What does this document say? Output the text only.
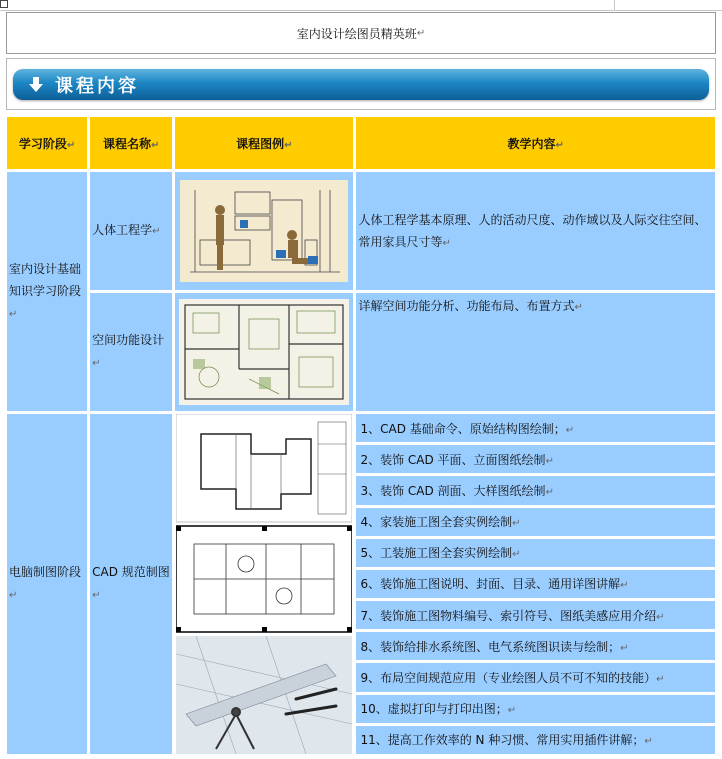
室内设计绘图员精英班 ↵
课程内容
学习阶段↵	课程名称↵	课程图例↵	教学内容↵
室内设计基础知识学习阶段↵	人体工程学↵		人体工程学基本原理、人的活动尺度、动作域以及人际交往空间、常用家具尺寸等↵
	空间功能设计↵		详解空间功能分析、功能布局、布置方式↵
电脑制图阶段↵	CAD 规范制图↵		1、CAD 基础命令、原始结构图绘制；↵
			2、装饰 CAD 平面、立面图纸绘制↵
			3、装饰 CAD 剖面、大样图纸绘制↵
			4、家装施工图全套实例绘制↵
			5、工装施工图全套实例绘制↵
			6、装饰施工图说明、封面、目录、通用详图讲解↵
			7、装饰施工图物料编号、索引符号、图纸美感应用介绍↵
			8、装饰给排水系统图、电气系统图识读与绘制；↵
			9、布局空间规范应用（专业绘图人员不可不知的技能）↵
			10、虚拟打印与打印出图；↵
			11、提高工作效率的 N 种习惯、常用实用插件讲解；↵
